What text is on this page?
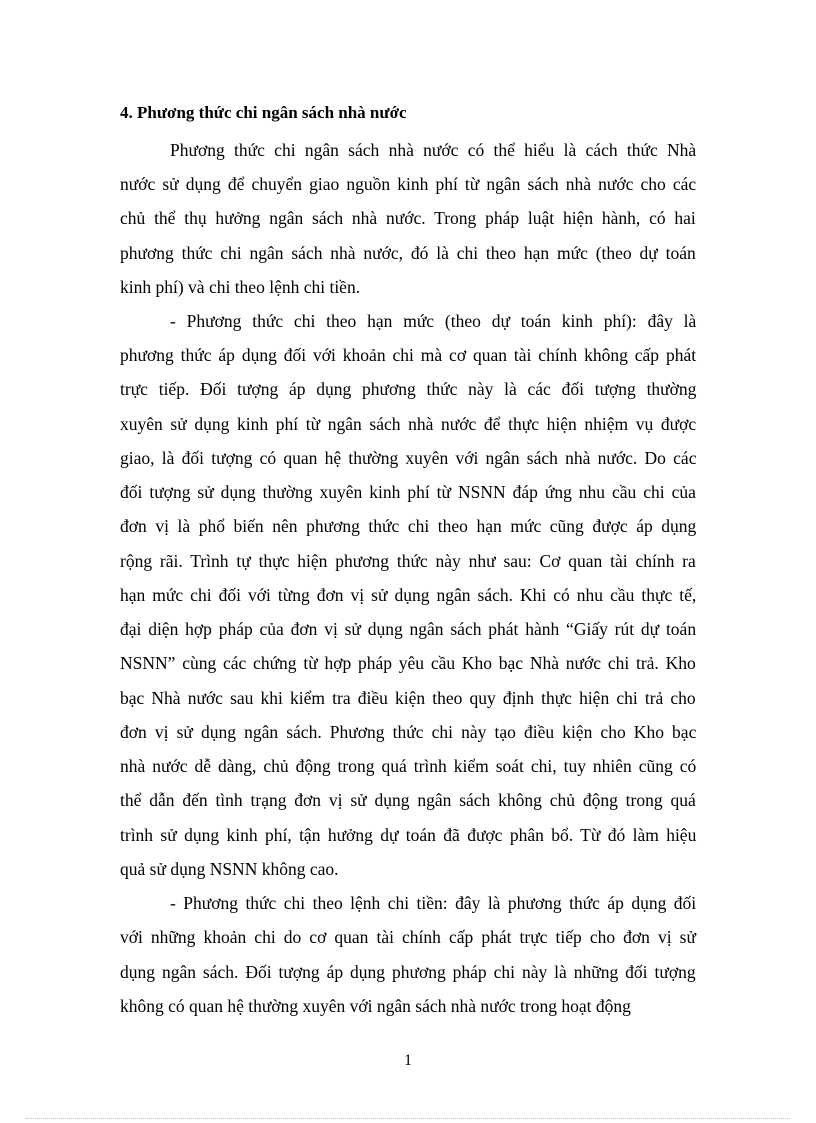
4. Phương thức chi ngân sách nhà nước
Phương thức chi ngân sách nhà nước có thể hiểu là cách thức Nhà
nước sử dụng để chuyển giao nguồn kinh phí từ ngân sách nhà nước cho các
chủ thể thụ hưởng ngân sách nhà nước. Trong pháp luật hiện hành, có hai
phương thức chi ngân sách nhà nước, đó là chi theo hạn mức (theo dự toán
kinh phí) và chi theo lệnh chi tiền.
- Phương thức chi theo hạn mức (theo dự toán kinh phí): đây là
phương thức áp dụng đối với khoản chi mà cơ quan tài chính không cấp phát
trực tiếp. Đối tượng áp dụng phương thức này là các đối tượng thường
xuyên sử dụng kinh phí từ ngân sách nhà nước để thực hiện nhiệm vụ được
giao, là đối tượng có quan hệ thường xuyên với ngân sách nhà nước. Do các
đối tượng sử dụng thường xuyên kinh phí từ NSNN đáp ứng nhu cầu chi của
đơn vị là phổ biến nên phương thức chi theo hạn mức cũng được áp dụng
rộng rãi. Trình tự thực hiện phương thức này như sau: Cơ quan tài chính ra
hạn mức chi đối với từng đơn vị sử dụng ngân sách. Khi có nhu cầu thực tế,
đại diện hợp pháp của đơn vị sử dụng ngân sách phát hành “Giấy rút dự toán
NSNN” cùng các chứng từ hợp pháp yêu cầu Kho bạc Nhà nước chi trả. Kho
bạc Nhà nước sau khi kiểm tra điều kiện theo quy định thực hiện chi trả cho
đơn vị sử dụng ngân sách. Phương thức chi này tạo điều kiện cho Kho bạc
nhà nước dễ dàng, chủ động trong quá trình kiểm soát chi, tuy nhiên cũng có
thể dẫn đến tình trạng đơn vị sử dụng ngân sách không chủ động trong quá
trình sử dụng kinh phí, tận hưởng dự toán đã được phân bổ. Từ đó làm hiệu
quả sử dụng NSNN không cao.
- Phương thức chi theo lệnh chi tiền: đây là phương thức áp dụng đối
với những khoản chi do cơ quan tài chính cấp phát trực tiếp cho đơn vị sử
dụng ngân sách. Đối tượng áp dụng phương pháp chi này là những đối tượng
không có quan hệ thường xuyên với ngân sách nhà nước trong hoạt động
1
